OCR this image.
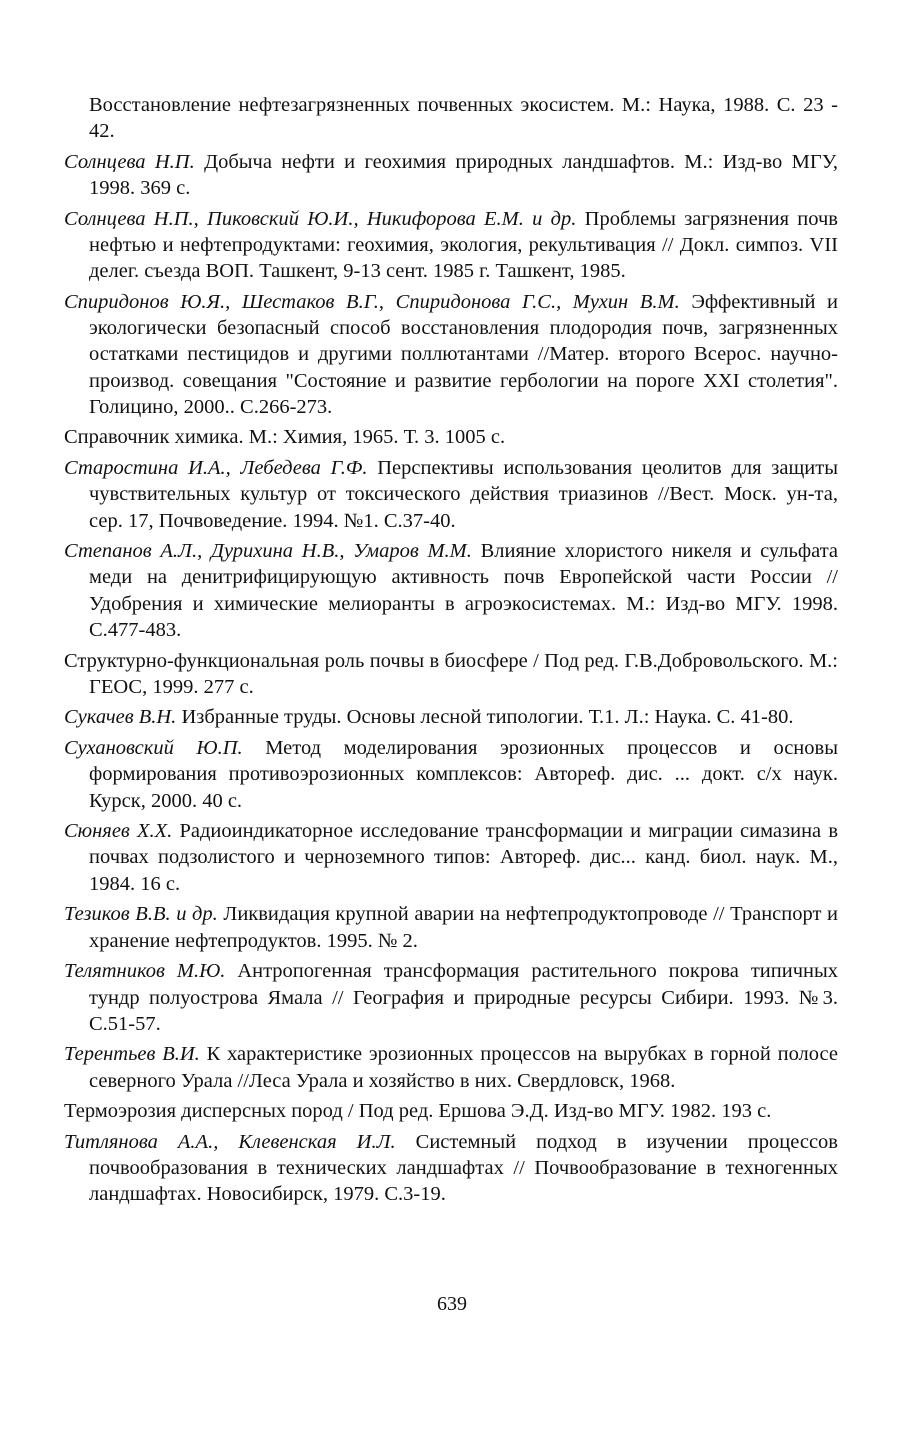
Восстановление нефтезагрязненных почвенных экосистем. М.: Наука, 1988. С. 23 - 42.

Солнцева Н.П. Добыча нефти и геохимия природных ландшафтов. М.: Изд-во МГУ, 1998. 369 с.

Солнцева Н.П., Пиковский Ю.И., Никифорова Е.М. и др. Проблемы загрязнения почв нефтью и нефтепродуктами: геохимия, экология, рекультивация // Докл. симпоз. VII делег. съезда ВОП. Ташкент, 9-13 сент. 1985 г. Ташкент, 1985.

Спиридонов Ю.Я., Шестаков В.Г., Спиридонова Г.С., Мухин В.М. Эффективный и экологически безопасный способ восстановления плодородия почв, загрязненных остатками пестицидов и другими поллютантами //Матер. второго Всерос. научно-производ. совещания "Состояние и развитие гербологии на пороге XXI столетия". Голицино, 2000.. С.266-273.

Справочник химика. М.: Химия, 1965. Т. 3. 1005 с.

Старостина И.А., Лебедева Г.Ф. Перспективы использования цеолитов для защиты чувствительных культур от токсического действия триазинов //Вест. Моск. ун-та, сер. 17, Почвоведение. 1994. №1. С.37-40.

Степанов А.Л., Дурихина Н.В., Умаров М.М. Влияние хлористого никеля и сульфата меди на денитрифицирующую активность почв Европейской части России // Удобрения и химические мелиоранты в агроэкосистемах. М.: Изд-во МГУ. 1998. С.477-483.

Структурно-функциональная роль почвы в биосфере / Под ред. Г.В.Добровольского. М.: ГЕОС, 1999. 277 с.

Сукачев В.Н. Избранные труды. Основы лесной типологии. Т.1. Л.: Наука. С. 41-80.

Сухановский Ю.П. Метод моделирования эрозионных процессов и основы формирования противоэрозионных комплексов: Автореф. дис. ... докт. с/х наук. Курск, 2000. 40 с.

Сюняев Х.Х. Радиоиндикаторное исследование трансформации и миграции симазина в почвах подзолистого и черноземного типов: Автореф. дис... канд. биол. наук. М., 1984. 16 с.

Тезиков В.В. и др. Ликвидация крупной аварии на нефтепродуктопроводе // Транспорт и хранение нефтепродуктов. 1995. № 2.

Телятников М.Ю. Антропогенная трансформация растительного покрова типичных тундр полуострова Ямала // География и природные ресурсы Сибири. 1993. №3. С.51-57.

Терентьев В.И. К характеристике эрозионных процессов на вырубках в горной полосе северного Урала //Леса Урала и хозяйство в них. Свердловск, 1968.

Термоэрозия дисперсных пород / Под ред. Ершова Э.Д. Изд-во МГУ. 1982. 193 с.

Титлянова А.А., Клевенская И.Л. Системный подход в изучении процессов почвообразования в технических ландшафтах // Почвообразование в техногенных ландшафтах. Новосибирск, 1979. С.3-19.

639
